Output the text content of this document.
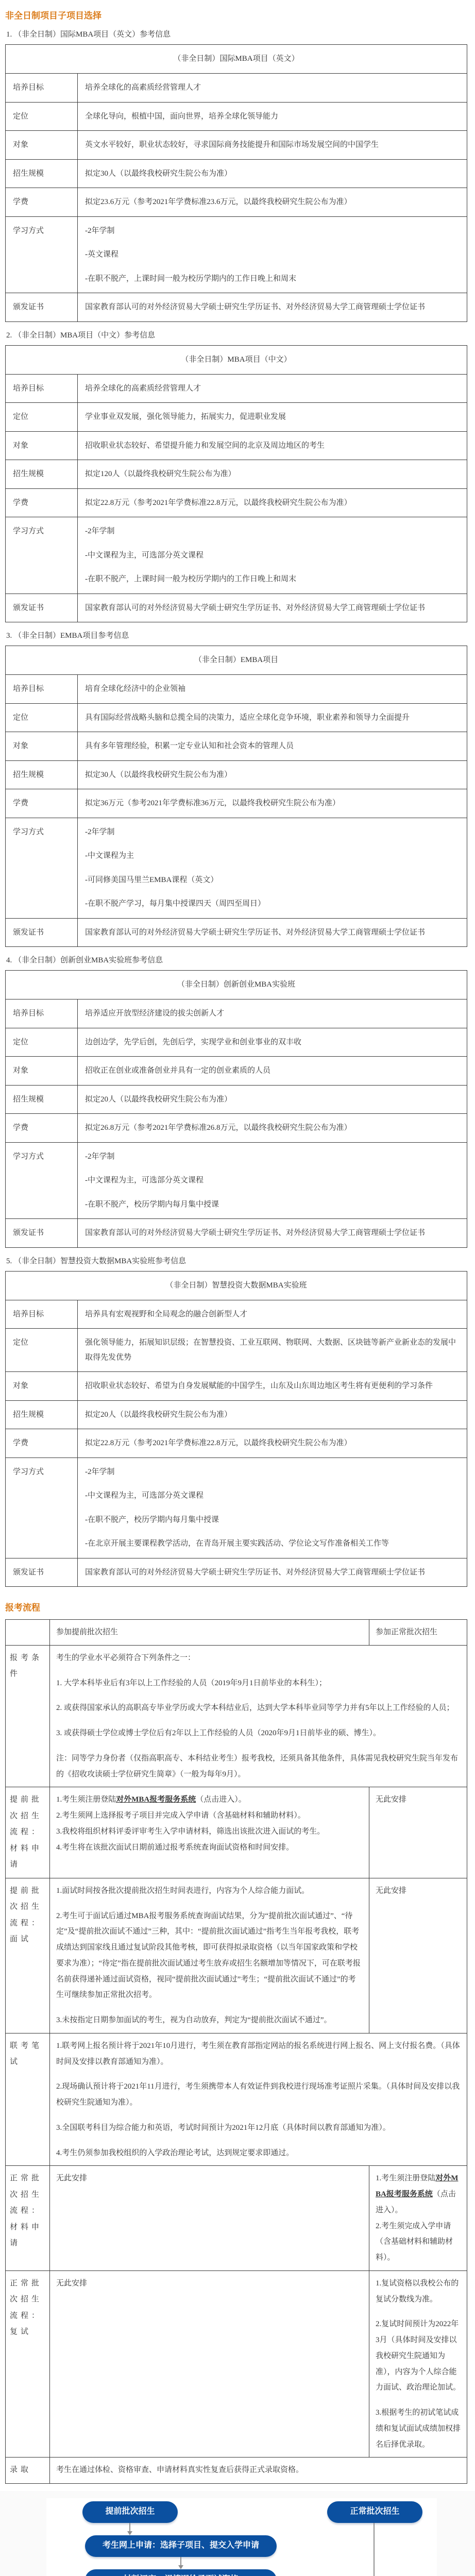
非全日制项目子项目选择
1. （非全日制）国际MBA项目（英文）参考信息
（非全日制）国际MBA项目（英文）	
培养目标	培养全球化的高素质经营管理人才

定位	全球化导向，根植中国，面向世界，培养全球化领导能力

对象	英文水平较好，职业状态较好，寻求国际商务技能提升和国际市场发展空间的中国学生

招生规模	拟定30人（以最终我校研究生院公布为准）

学费	拟定23.6万元（参考2021年学费标准23.6万元，以最终我校研究生院公布为准）

学习方式	-2年学制
-英文课程
-在职不脱产，上课时间一般为校历学期内的工作日晚上和周末

颁发证书	国家教育部认可的对外经济贸易大学硕士研究生学历证书、对外经济贸易大学工商管理硕士学位证书
2. （非全日制）MBA项目（中文）参考信息
（非全日制）MBA项目（中文）	
培养目标	培养全球化的高素质经营管理人才

定位	学业事业双发展，强化领导能力，拓展实力，促进职业发展

对象	招收职业状态较好、希望提升能力和发展空间的北京及周边地区的考生

招生规模	拟定120人（以最终我校研究生院公布为准）

学费	拟定22.8万元（参考2021年学费标准22.8万元，以最终我校研究生院公布为准）

学习方式	-2年学制
-中文课程为主，可选部分英文课程
-在职不脱产，上课时间一般为校历学期内的工作日晚上和周末

颁发证书	国家教育部认可的对外经济贸易大学硕士研究生学历证书、对外经济贸易大学工商管理硕士学位证书
3. （非全日制）EMBA项目参考信息
（非全日制）EMBA项目	
培养目标	培育全球化经济中的企业领袖

定位	具有国际经营战略头脑和总揽全局的决策力，适应全球化竞争环境，职业素养和领导力全面提升

对象	具有多年管理经验，积累一定专业认知和社会资本的管理人员

招生规模	拟定30人（以最终我校研究生院公布为准）

学费	拟定36万元（参考2021年学费标准36万元，以最终我校研究生院公布为准）

学习方式	-2年学制
-中文课程为主
-可同修美国马里兰EMBA课程（英文）
-在职不脱产学习，每月集中授课四天（周四至周日）

颁发证书	国家教育部认可的对外经济贸易大学硕士研究生学历证书、对外经济贸易大学工商管理硕士学位证书
4. （非全日制）创新创业MBA实验班参考信息
（非全日制）创新创业MBA实验班	
培养目标	培养适应开放型经济建设的拔尖创新人才

定位	边创边学，先学后创，先创后学，实现学业和创业事业的双丰收

对象	招收正在创业或准备创业并具有一定的创业素质的人员

招生规模	拟定20人（以最终我校研究生院公布为准）

学费	拟定26.8万元（参考2021年学费标准26.8万元，以最终我校研究生院公布为准）

学习方式	-2年学制
-中文课程为主，可选部分英文课程
-在职不脱产，校历学期内每月集中授课

颁发证书	国家教育部认可的对外经济贸易大学硕士研究生学历证书、对外经济贸易大学工商管理硕士学位证书
5. （非全日制）智慧投资大数据MBA实验班参考信息
（非全日制）智慧投资大数据MBA实验班	
培养目标	培养具有宏观视野和全局观念的融合创新型人才

定位	强化领导能力，拓展知识层级；在智慧投资、工业互联网、物联网、大数据、区块链等新产业新业态的发展中取得先发优势

对象	招收职业状态较好、希望为自身发展赋能的中国学生，山东及山东周边地区考生将有更便利的学习条件

招生规模	拟定20人（以最终我校研究生院公布为准）

学费	拟定22.8万元（参考2021年学费标准22.8万元，以最终我校研究生院公布为准）

学习方式	-2年学制
-中文课程为主，可选部分英文课程
-在职不脱产，校历学期内每月集中授课
-在北京开展主要课程教学活动，在青岛开展主要实践活动、学位论文写作准备相关工作等

颁发证书	国家教育部认可的对外经济贸易大学硕士研究生学历证书、对外经济贸易大学工商管理硕士学位证书
报考流程
	参加提前批次招生	参加正常批次招生
报考条件	考生的学业水平必须符合下列条件之一：
1. 大学本科毕业后有3年以上工作经验的人员（2019年9月1日前毕业的本科生）；
2. 或获得国家承认的高职高专毕业学历或大学本科结业后，达到大学本科毕业同等学力并有5年以上工作经验的人员；
3. 或获得硕士学位或博士学位后有2年以上工作经验的人员（2020年9月1日前毕业的硕、博生）。
注：同等学力身份者（仅指高职高专、本科结业考生）报考我校，还须具备其他条件，具体需见我校研究生院当年发布的《招收攻读硕士学位研究生简章》（一般为每年9月）。	

提前批次招生流程：材料申请	1.考生须注册登陆对外MBA报考服务系统（点击进入）。
2.考生须网上选择报考子项目并完成入学申请（含基础材料和辅助材料）。
3.我校将组织材料评委评审考生入学申请材料，筛选出该批次进入面试的考生。
4.考生将在该批次面试日期前通过报考系统查询面试资格和时间安排。	无此安排
提前批次招生流程：面试	1.面试时间按各批次提前批次招生时间表进行，内容为个人综合能力面试。
2.考生可于面试后通过MBA报考服务系统查询面试结果，分为“提前批次面试通过”、“待定”及“提前批次面试不通过”三种，其中：“提前批次面试通过”指考生当年报考我校，联考成绩达到国家线且通过复试阶段其他考核，即可获得拟录取资格（以当年国家政策和学校要求为准）；“待定”指在提前批次面试通过考生放弃或招生名额增加等情况下，可在联考报名前获得递补通过面试资格，视同“提前批次面试通过”考生；“提前批次面试不通过”的考生可继续参加正常批次招考。
3.未按指定日期参加面试的考生，视为自动放弃，判定为“提前批次面试不通过”。	无此安排
联考笔试	1.联考网上报名预计将于2021年10月进行，考生须在教育部指定网站的报名系统进行网上报名、网上支付报名费。（具体时间及安排以教育部通知为准）。
2.现场确认预计将于2021年11月进行，考生须携带本人有效证件到我校进行现场准考证照片采集。（具体时间及安排以我校研究生院通知为准）。
3.全国联考科目为综合能力和英语，考试时间预计为2021年12月底（具体时间以教育部通知为准）。
4.考生仍须参加我校组织的入学政治理论考试，达到规定要求即通过。	

正常批次招生流程：材料申请	无此安排	1.考生须注册登陆对外MBA报考服务系统（点击进入）。
2.考生须完成入学申请（含基础材料和辅助材料）。

正常批次招生流程：复试	无此安排	1.复试资格以我校公布的复试分数线为准。
2.复试时间预计为2022年3月（具体时间及安排以我校研究生院通知为准），内容为个人综合能力面试、政治理论加试。
3.根据考生的初试笔试成绩和复试面试成绩加权排名后择优录取。

录取	考生在通过体检、资格审查、申请材料真实性复查后获得正式录取资格。	
提前批次招生	正常批次招生
考生网上申请：选择子项目、提交入学申请
